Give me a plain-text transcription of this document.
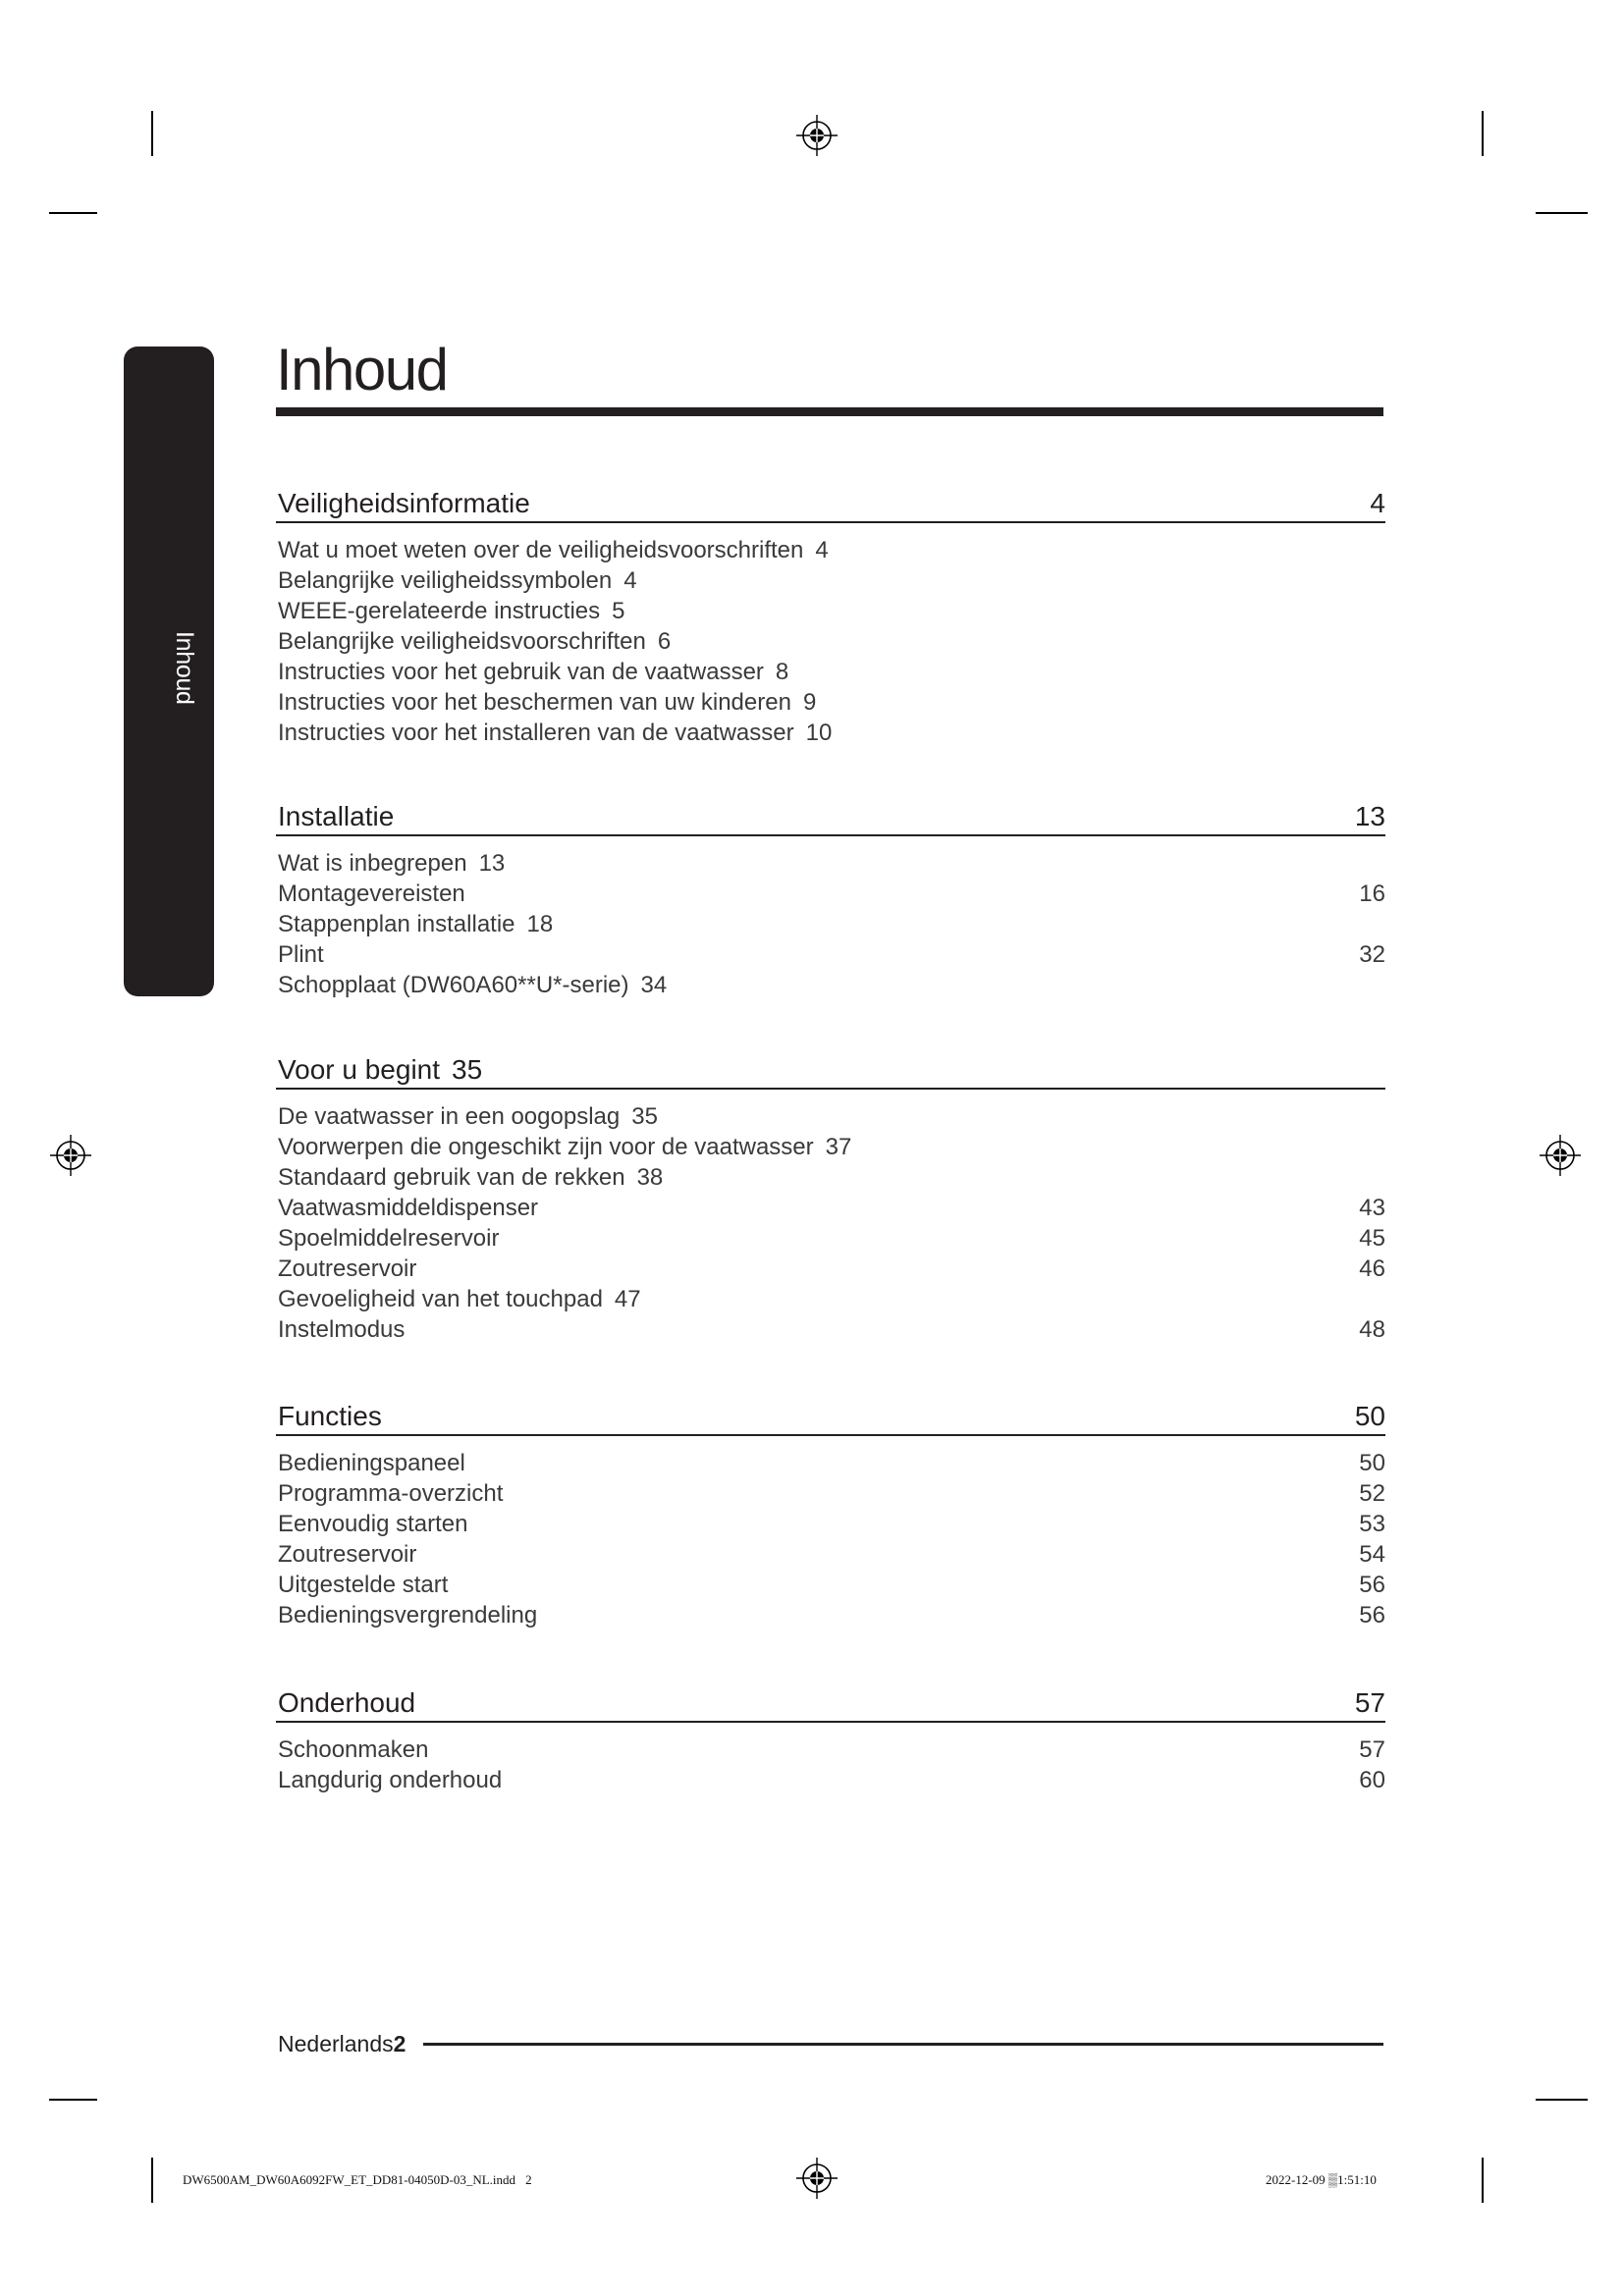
Inhoud
Inhoud
Veiligheidsinformatie	4
Wat u moet weten over de veiligheidsvoorschriften 4
Belangrijke veiligheidssymbolen 4
WEEE-gerelateerde instructies 5
Belangrijke veiligheidsvoorschriften 6
Instructies voor het gebruik van de vaatwasser 8
Instructies voor het beschermen van uw kinderen 9
Instructies voor het installeren van de vaatwasser 10
Installatie	13
Wat is inbegrepen 13
Montagevereisten	16
Stappenplan installatie 18
Plint	32
Schopplaat (DW60A60**U*-serie) 34
Voor u begint 35
De vaatwasser in een oogopslag 35
Voorwerpen die ongeschikt zijn voor de vaatwasser 37
Standaard gebruik van de rekken 38
Vaatwasmiddeldispenser	43
Spoelmiddelreservoir	45
Zoutreservoir	46
Gevoeligheid van het touchpad 47
Instelmodus	48
Functies	50
Bedieningspaneel	50
Programma-overzicht	52
Eenvoudig starten	53
Zoutreservoir	54
Uitgestelde start	56
Bedieningsvergrendeling	56
Onderhoud	57
Schoonmaken	57
Langdurig onderhoud	60
Nederlands 2
DW6500AM_DW60A6092FW_ET_DD81-04050D-03_NL.indd 2	2022-12-09 ▒1:51:10
